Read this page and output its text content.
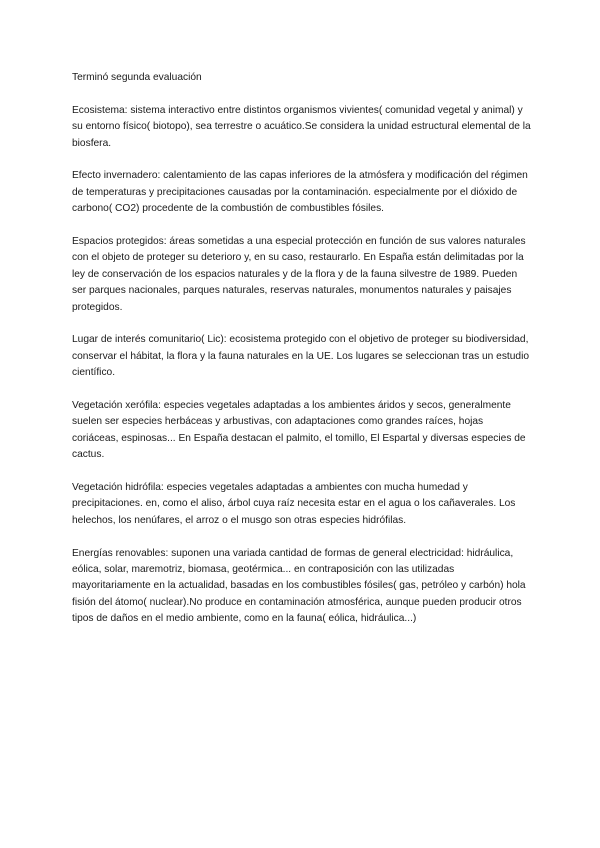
Terminó segunda evaluación

Ecosistema: sistema interactivo entre distintos organismos vivientes( comunidad vegetal y animal) y su entorno físico( biotopo), sea terrestre o acuático.Se considera la unidad estructural elemental de la biosfera.

Efecto invernadero: calentamiento de las capas inferiores de la atmósfera y modificación del régimen de temperaturas y precipitaciones causadas por la contaminación. especialmente por el dióxido de carbono( CO2) procedente de la combustión de combustibles fósiles.

Espacios protegidos: áreas sometidas a una especial protección en función de sus valores naturales con el objeto de proteger su deterioro y, en su caso, restaurarlo. En España están delimitadas por la ley de conservación de los espacios naturales y de la flora y de la fauna silvestre de 1989. Pueden ser parques nacionales, parques naturales, reservas naturales, monumentos naturales y paisajes protegidos.

Lugar de interés comunitario( Lic): ecosistema protegido con el objetivo de proteger su biodiversidad, conservar el hábitat, la flora y la fauna naturales en la UE. Los lugares se seleccionan tras un estudio científico.

Vegetación xerófila: especies vegetales adaptadas a los ambientes áridos y secos, generalmente suelen ser especies herbáceas y arbustivas, con adaptaciones como grandes raíces, hojas coriáceas, espinosas... En España destacan el palmito, el tomillo, El Espartal y diversas especies de cactus.

Vegetación hidrófila: especies vegetales adaptadas a ambientes con mucha humedad y precipitaciones. en, como el aliso, árbol cuya raíz necesita estar en el agua o los cañaverales. Los helechos, los nenúfares, el arroz o el musgo son otras especies hidrófilas.

Energías renovables: suponen una variada cantidad de formas de general electricidad: hidráulica, eólica, solar, maremotriz, biomasa, geotérmica... en contraposición con las utilizadas mayoritariamente en la actualidad, basadas en los combustibles fósiles( gas, petróleo y carbón) hola fisión del átomo( nuclear).No produce en contaminación atmosférica, aunque pueden producir otros tipos de daños en el medio ambiente, como en la fauna( eólica, hidráulica...)
